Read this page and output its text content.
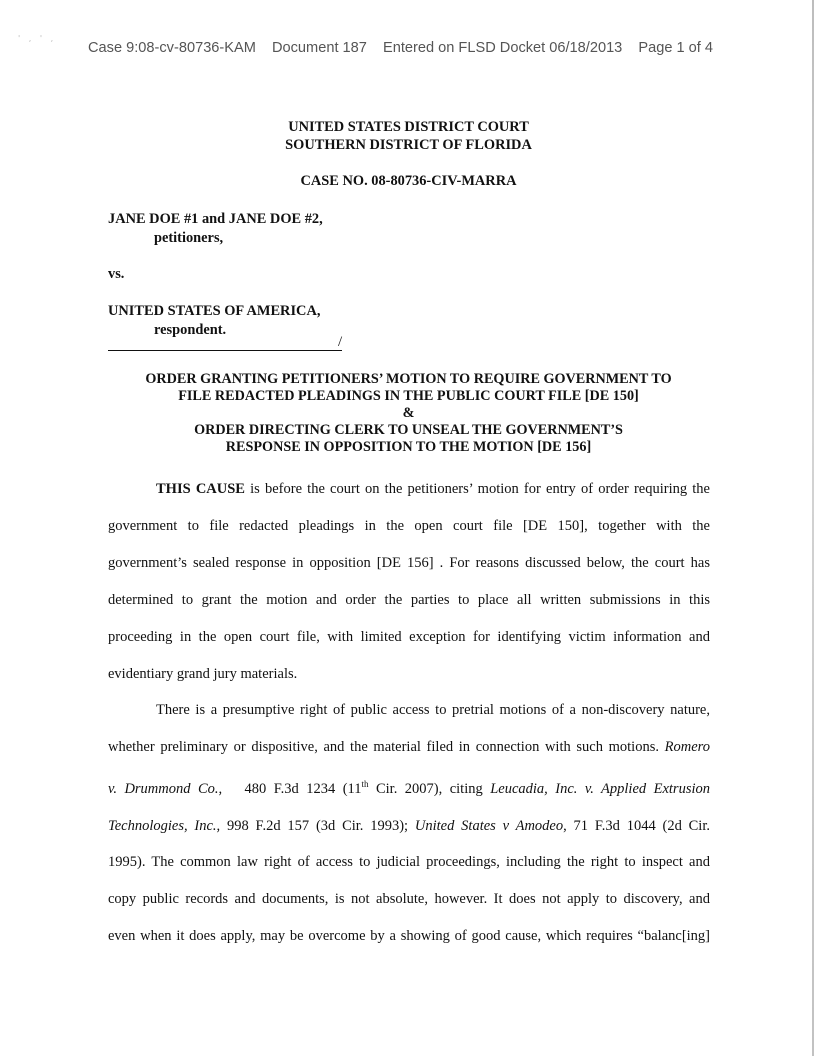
' , ' ,
Case 9:08-cv-80736-KAM Document 187 Entered on FLSD Docket 06/18/2013 Page 1 of 4
UNITED STATES DISTRICT COURT
SOUTHERN DISTRICT OF FLORIDA
CASE NO. 08-80736-CIV-MARRA
JANE DOE #1 and JANE DOE #2,
petitioners,
vs.
UNITED STATES OF AMERICA,
respondent.
/
ORDER GRANTING PETITIONERS’ MOTION TO REQUIRE GOVERNMENT TO
FILE REDACTED PLEADINGS IN THE PUBLIC COURT FILE [DE 150]
&
ORDER DIRECTING CLERK TO UNSEAL THE GOVERNMENT’S
RESPONSE IN OPPOSITION TO THE MOTION [DE 156]
THIS CAUSE is before the court on the petitioners’ motion for entry of order requiring the
government to file redacted pleadings in the open court file [DE 150], together with the
government’s sealed response in opposition [DE 156] . For reasons discussed below, the court has
determined to grant the motion and order the parties to place all written submissions in this
proceeding in the open court file, with limited exception for identifying victim information and
evidentiary grand jury materials.
There is a presumptive right of public access to pretrial motions of a non-discovery nature,
whether preliminary or dispositive, and the material filed in connection with such motions. Romero
v. Drummond Co., 480 F.3d 1234 (11th Cir. 2007), citing Leucadia, Inc. v. Applied Extrusion
Technologies, Inc., 998 F.2d 157 (3d Cir. 1993); United States v Amodeo, 71 F.3d 1044 (2d Cir.
1995). The common law right of access to judicial proceedings, including the right to inspect and
copy public records and documents, is not absolute, however. It does not apply to discovery, and
even when it does apply, may be overcome by a showing of good cause, which requires “balanc[ing]
